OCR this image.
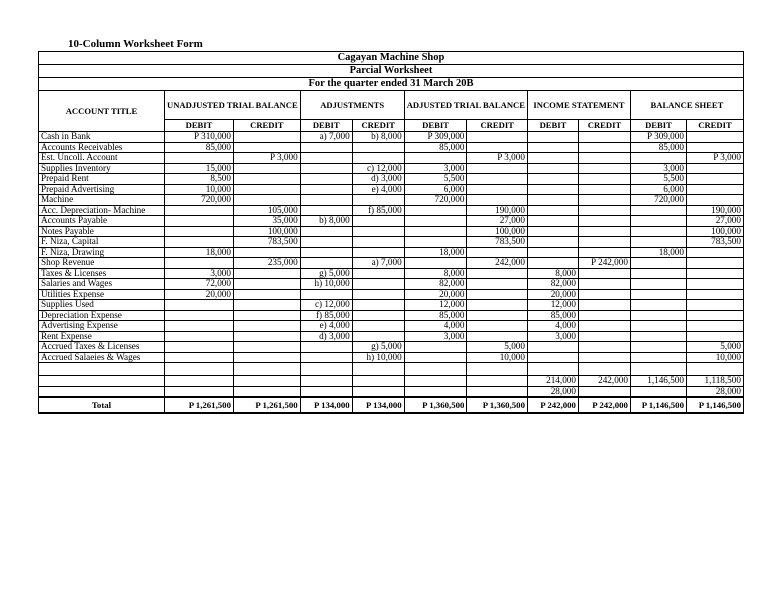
10-Column Worksheet Form
Cagayan Machine Shop										
Parcial Worksheet										
For the quarter ended 31 March 20B										
ACCOUNT TITLE	UNADJUSTED TRIAL BALANCE		ADJUSTMENTS		ADJUSTED TRIAL BALANCE		INCOME STATEMENT		BALANCE SHEET	
	DEBIT	CREDIT	DEBIT	CREDIT	DEBIT	CREDIT	DEBIT	CREDIT	DEBIT	CREDIT
Cash in Bank	P 310,000		a) 7,000	b) 8,000	P 309,000				P 309,000	
Accounts Receivables	85,000				85,000				85,000	
Est. Uncoll. Account		P 3,000				P 3,000				P 3,000
Supplies Inventory	15,000			c) 12,000	3,000				3,000	
Prepaid Rent	8,500			d) 3,000	5,500				5,500	
Prepaid Advertising	10,000			e) 4,000	6,000				6,000	
Machine	720,000				720,000				720,000	
Acc. Depreciation- Machine		105,000		f) 85,000		190,000				190,000
Accounts Payable		35,000	b) 8,000			27,000				27,000
Notes Payable		100,000				100,000				100,000
F. Niza, Capital		783,500				783,500				783,500
F. Niza, Drawing	18,000				18,000				18,000	
Shop Revenue		235,000		a) 7,000		242,000		P 242,000		
Taxes & Licenses	3,000		g) 5,000		8,000		8,000			
Salaries and Wages	72,000		h) 10,000		82,000		82,000			
Utilities Expense	20,000				20,000		20,000			
Supplies Used			c) 12,000		12,000		12,000			
Depreciation Expense			f) 85,000		85,000		85,000			
Advertising Expense			e) 4,000		4,000		4,000			
Rent Expense			d) 3,000		3,000		3,000			
Accrued Taxes & Licenses				g) 5,000		5,000				5,000
Accrued Salaeies & Wages				h) 10,000		10,000				10,000

							214,000	242,000	1,146,500	1,118,500
							28,000			28,000
Total	P 1,261,500	P 1,261,500	P 134,000	P 134,000	P 1,360,500	P 1,360,500	P 242,000	P 242,000	P 1,146,500	P 1,146,500
